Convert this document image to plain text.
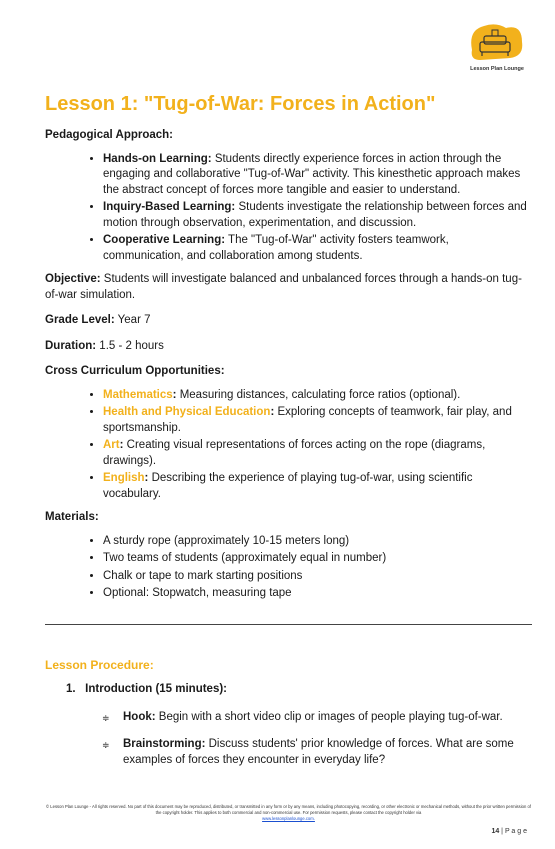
Lesson Plan Lounge
Lesson 1: "Tug-of-War: Forces in Action"

Pedagogical Approach:

• Hands-on Learning: Students directly experience forces in action through the engaging and collaborative "Tug-of-War" activity. This kinesthetic approach makes the abstract concept of forces more tangible and easier to understand.
• Inquiry-Based Learning: Students investigate the relationship between forces and motion through observation, experimentation, and discussion.
• Cooperative Learning: The "Tug-of-War" activity fosters teamwork, communication, and collaboration among students.

Objective: Students will investigate balanced and unbalanced forces through a hands-on tug-of-war simulation.

Grade Level: Year 7

Duration: 1.5 - 2 hours

Cross Curriculum Opportunities:

• Mathematics: Measuring distances, calculating force ratios (optional).
• Health and Physical Education: Exploring concepts of teamwork, fair play, and sportsmanship.
• Art: Creating visual representations of forces acting on the rope (diagrams, drawings).
• English: Describing the experience of playing tug-of-war, using scientific vocabulary.

Materials:

• A sturdy rope (approximately 10-15 meters long)
• Two teams of students (approximately equal in number)
• Chalk or tape to mark starting positions
• Optional: Stopwatch, measuring tape
Lesson Procedure:
1.   Introduction (15 minutes):
≑ Hook: Begin with a short video clip or images of people playing tug-of-war.
≑ Brainstorming: Discuss students' prior knowledge of forces. What are some examples of forces they encounter in everyday life?
© Lesson Plan Lounge - All rights reserved. No part of this document may be reproduced, distributed, or transmitted in any form or by any means, including photocopying, recording, or other electronic or mechanical methods, without the prior written permission of the copyright holder. This applies to both commercial and non-commercial use. For permission requests, please contact the copyright holder via
www.lessonplanlounge.com.
14 | P a g e
